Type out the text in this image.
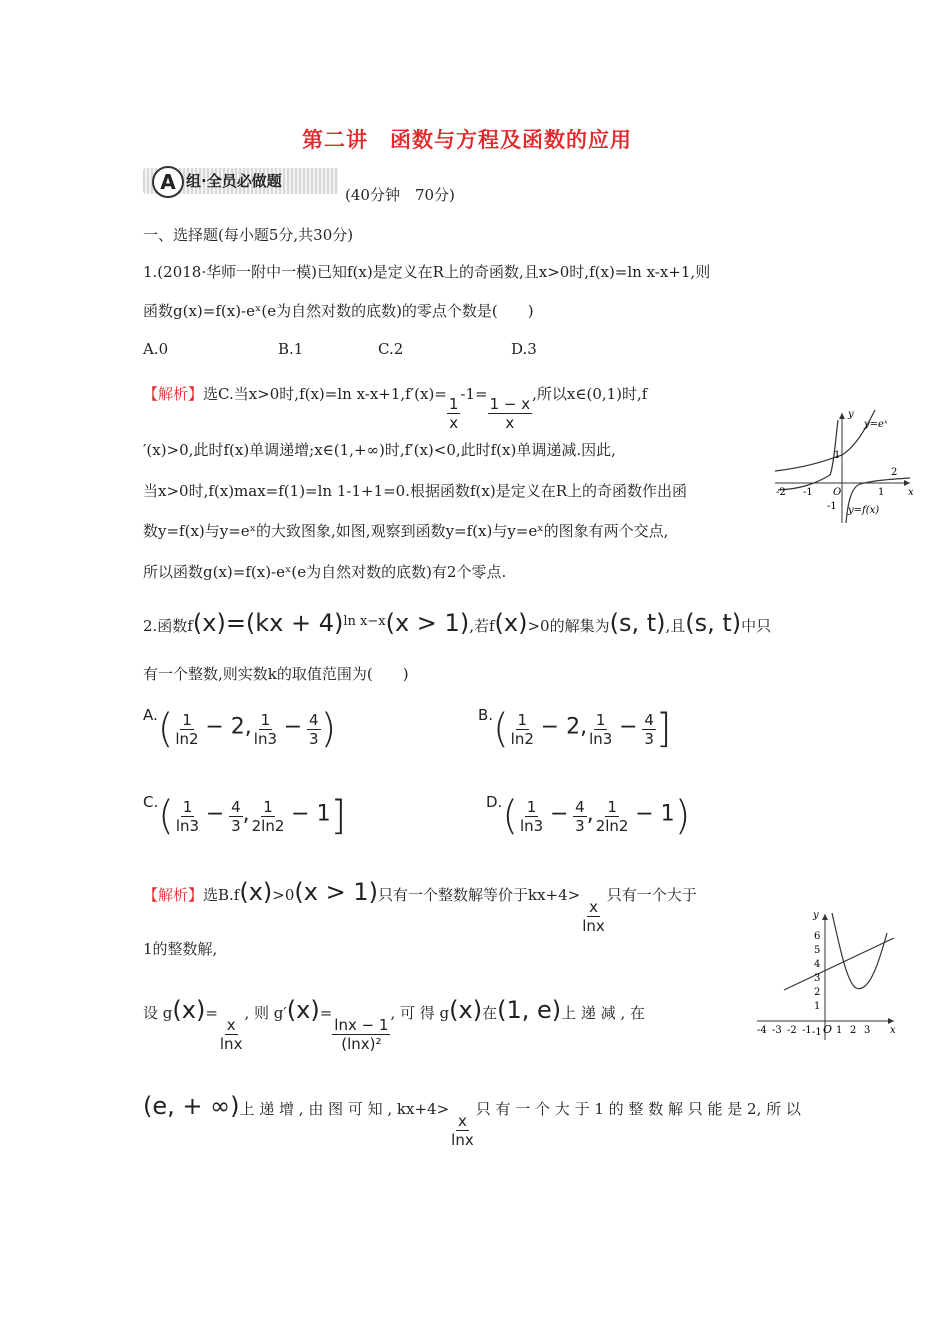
第二讲　函数与方程及函数的应用
A 组·全员必做题
(40分钟　70分)
一、选择题(每小题5分,共30分)
1.(2018·华师一附中一模)已知f(x)是定义在R上的奇函数,且x>0时,f(x)=ln x-x+1,则
函数g(x)=f(x)-eˣ(e为自然对数的底数)的零点个数是(　　)
A.0	B.1	C.2	D.3
【解析】选C.当x>0时,f(x)=ln x-x+1,f′(x)=
$\frac{1}{x}$
-1=
$\frac{1 - x}{x}$
,所以x∈(0,1)时,f
′(x)>0,此时f(x)单调递增;x∈(1,+∞)时,f′(x)<0,此时f(x)单调递减.因此,
当x>0时,f(x)max=f(1)=ln 1-1+1=0.根据函数f(x)是定义在R上的奇函数作出函
数y=f(x)与y=eˣ的大致图象,如图,观察到函数y=f(x)与y=eˣ的图象有两个交点,
所以函数g(x)=f(x)-eˣ(e为自然对数的底数)有2个零点.
y
x
y=eˣ
y=f(x)
O
-2 -1	1
2
1
-1
2.函数f(x)=(kx + 4)$^{ln x-x}$(x > 1),若f(x)>0的解集为(s, t),且(s, t)中只
有一个整数,则实数k的取值范围为(　　)
$A.( \frac{1}{\ln 2} - 2$, $\frac{1}{\ln 3} - \frac{4}{3}$ )	$B.( \frac{1}{\ln 2} - 2$, $\frac{1}{\ln 3} - \frac{4}{3}$ ]
$C.( \frac{1}{\ln 3} - \frac{4}{3}$ , $\frac{1}{2\ln 2} - 1$]	$D.( \frac{1}{\ln 3} - \frac{4}{3}$ , $\frac{1}{2\ln 2} - 1$)
【解析】选B.f(x)>0(x > 1)只有一个整数解等价于kx+4>
$\frac{x}{\ln x}$
只有一个大于
1的整数解,
设 g(x)=
$\frac{x}{\ln x}$
, 则 g′(x)=
$\frac{\ln x - 1}{\text{(lnx)²}}$
, 可 得 g(x)在(1, e)上 递 减 , 在
(e, + ∞)上 递 增 , 由 图 可 知 , kx+4>
$\frac{x}{\ln x}$
只 有 一 个 大 于 1 的 整 数 解 只 能 是 2, 所 以
y
x
O
6
5
4
3
2
1
-1
-4 -3 -2 -1 1 2 3
